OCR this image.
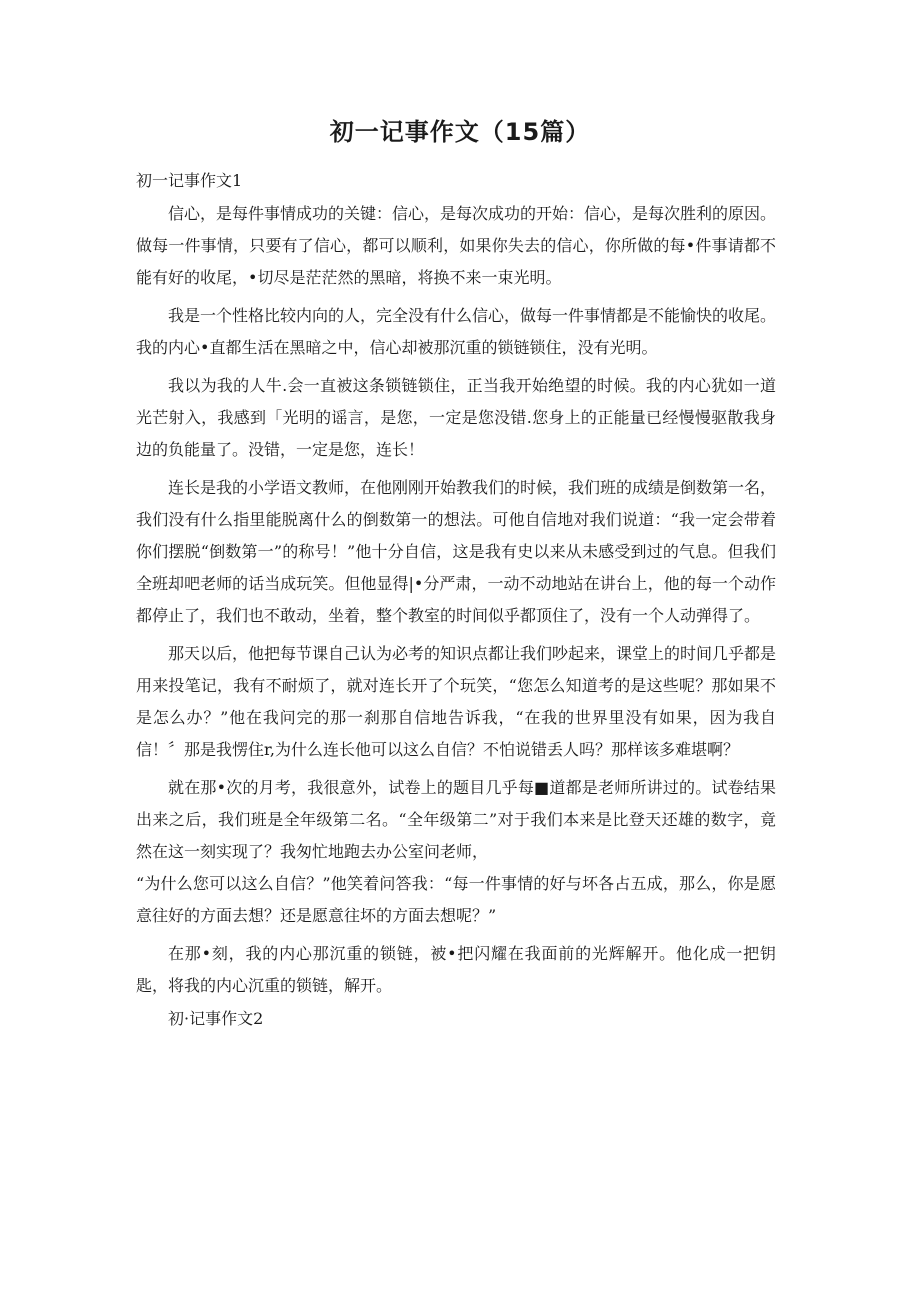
初一记事作文（15篇）

初一记事作文1

信心，是每件事情成功的关键：信心，是每次成功的开始：信心，是每次胜利的原因。做每一件事情，只要有了信心，都可以顺利，如果你失去的信心，你所做的每•件事请都不能有好的收尾，•切尽是茫茫然的黑暗，将换不来一束光明。

我是一个性格比较内向的人，完全没有什么信心，做每一件事情都是不能愉快的收尾。我的内心•直都生活在黑暗之中，信心却被那沉重的锁链锁住，没有光明。

我以为我的人牛.会一直被这条锁链锁住，正当我开始绝望的时候。我的内心犹如一道光芒射入，我感到「光明的谣言，是您，一定是您没错.您身上的正能量已经慢慢驱散我身边的负能量了。没错，一定是您，连长！

连长是我的小学语文教师，在他刚刚开始教我们的时候，我们班的成绩是倒数第一名，我们没有什么指里能脱离什么的倒数第一的想法。可他自信地对我们说道：“我一定会带着你们摆脱“倒数第一”的称号！”他十分自信，这是我有史以来从未感受到过的气息。但我们全班却吧老师的话当成玩笑。但他显得|•分严肃，一动不动地站在讲台上，他的每一个动作都停止了，我们也不敢动，坐着，整个教室的时间似乎都顶住了，没有一个人动弹得了。

那天以后，他把每节课自己认为必考的知识点都让我们吵起来，课堂上的时间几乎都是用来投笔记，我有不耐烦了，就对连长开了个玩笑，“您怎么知道考的是这些呢？那如果不是怎么办？”他在我问完的那一刹那自信地告诉我，“在我的世界里没有如果，因为我自信！〞那是我愣住r,为什么连长他可以这么自信？不怕说错丢人吗？那样该多难堪啊？

就在那•次的月考，我很意外，试卷上的题目几乎每■道都是老师所讲过的。试卷结果出来之后，我们班是全年级第二名。“全年级第二”对于我们本来是比登天还雄的数字，竟然在这一刻实现了？我匆忙地跑去办公室问老师，

“为什么您可以这么自信？”他笑着问答我：“每一件事情的好与坏各占五成，那么，你是愿意往好的方面去想？还是愿意往坏的方面去想呢？”

在那•刻，我的内心那沉重的锁链，被•把闪耀在我面前的光辉解开。他化成一把钥匙，将我的内心沉重的锁链，解开。

初·记事作文2
